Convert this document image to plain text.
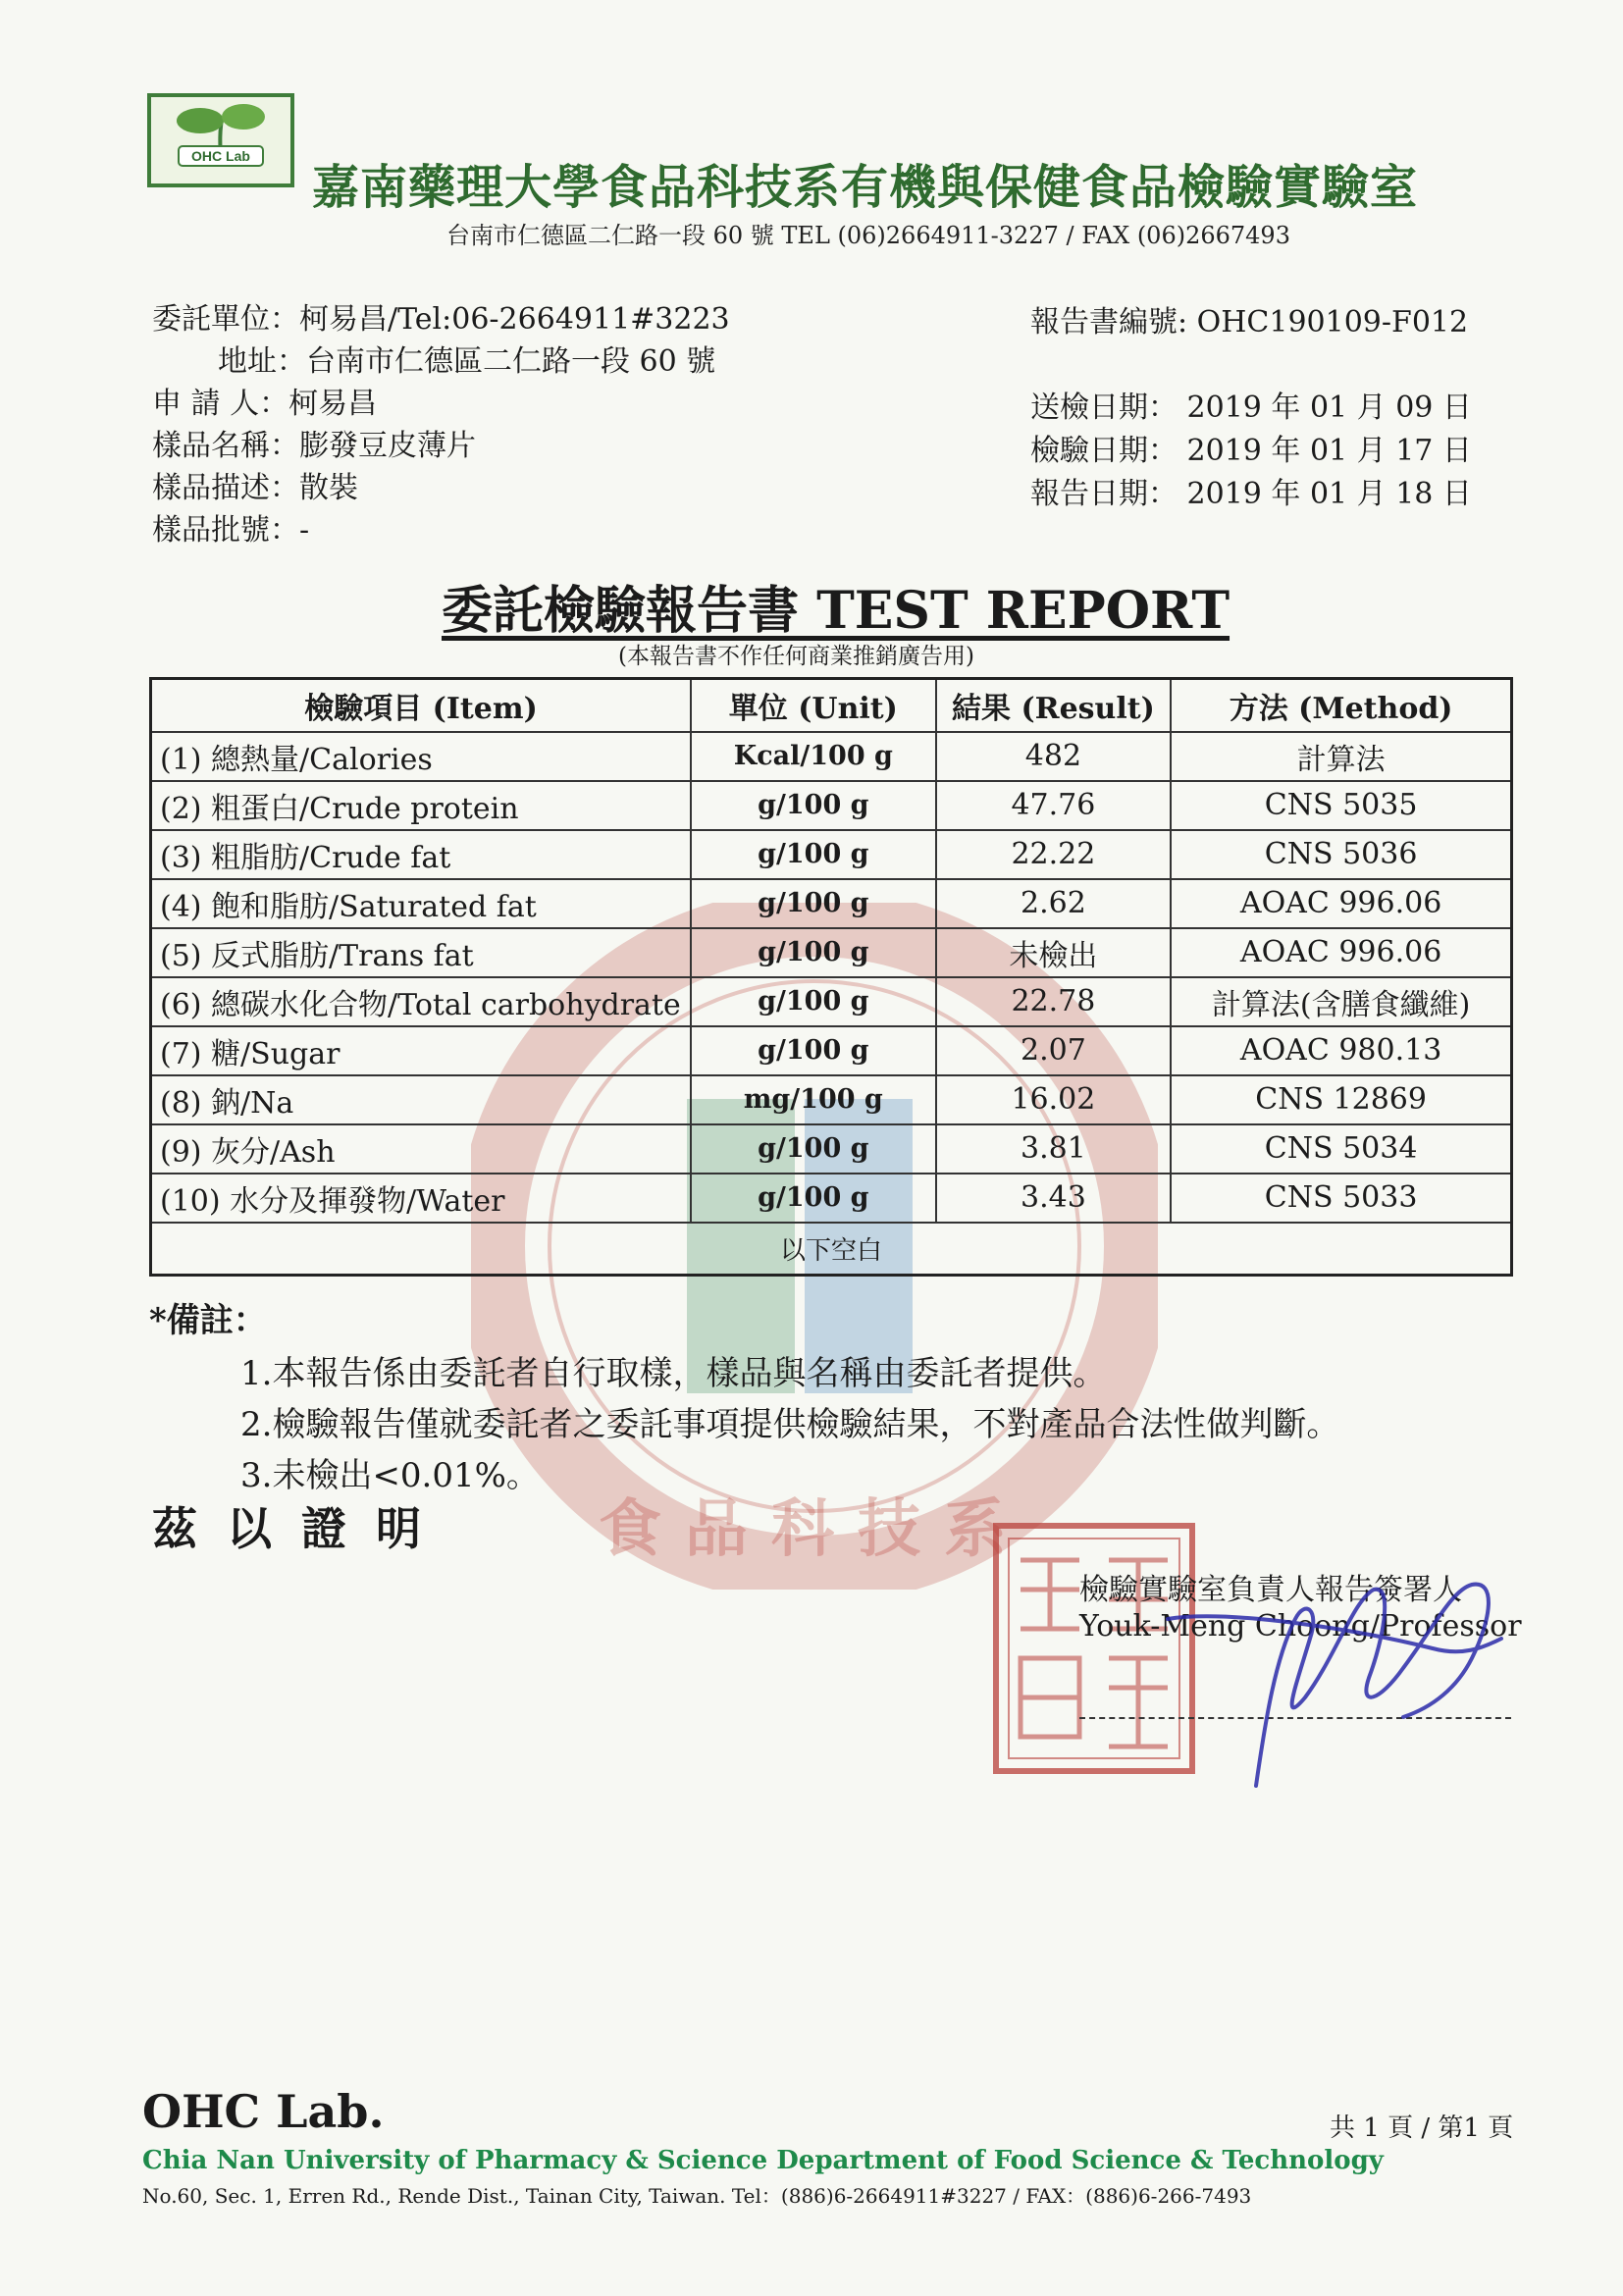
OHC Lab
嘉南藥理大學食品科技系有機與保健食品檢驗實驗室
台南市仁德區二仁路一段 60 號 TEL (06)2664911-3227 / FAX (06)2667493
委託單位：柯易昌/Tel:06-2664911#3223
地址：台南市仁德區二仁路一段 60 號
申 請 人：柯易昌
樣品名稱：膨發豆皮薄片
樣品描述：散裝
樣品批號：-
報告書編號: OHC190109-F012
送檢日期： 2019 年 01 月 09 日
檢驗日期： 2019 年 01 月 17 日
報告日期： 2019 年 01 月 18 日
委託檢驗報告書 TEST REPORT
(本報告書不作任何商業推銷廣告用)
食品科技系
檢驗項目 (Item)	單位 (Unit)	結果 (Result)	方法 (Method)
(1) 總熱量/Calories	Kcal/100 g	482	計算法
(2) 粗蛋白/Crude protein	g/100 g	47.76	CNS 5035
(3) 粗脂肪/Crude fat	g/100 g	22.22	CNS 5036
(4) 飽和脂肪/Saturated fat	g/100 g	2.62	AOAC 996.06
(5) 反式脂肪/Trans fat	g/100 g	未檢出	AOAC 996.06
(6) 總碳水化合物/Total carbohydrate	g/100 g	22.78	計算法(含膳食纖維)
(7) 糖/Sugar	g/100 g	2.07	AOAC 980.13
(8) 鈉/Na	mg/100 g	16.02	CNS 12869
(9) 灰分/Ash	g/100 g	3.81	CNS 5034
(10) 水分及揮發物/Water	g/100 g	3.43	CNS 5033
以下空白			
*備註：
1.本報告係由委託者自行取樣，樣品與名稱由委託者提供。
2.檢驗報告僅就委託者之委託事項提供檢驗結果，不對產品合法性做判斷。
3.未檢出<0.01%。
茲以證明
檢驗實驗室負責人報告簽署人
Youk-Meng Choong/Professor
OHC Lab.
Chia Nan University of Pharmacy & Science Department of Food Science & Technology
No.60, Sec. 1, Erren Rd., Rende Dist., Tainan City, Taiwan. Tel：(886)6-2664911#3227 / FAX：(886)6-266-7493
共 1 頁 / 第1 頁
